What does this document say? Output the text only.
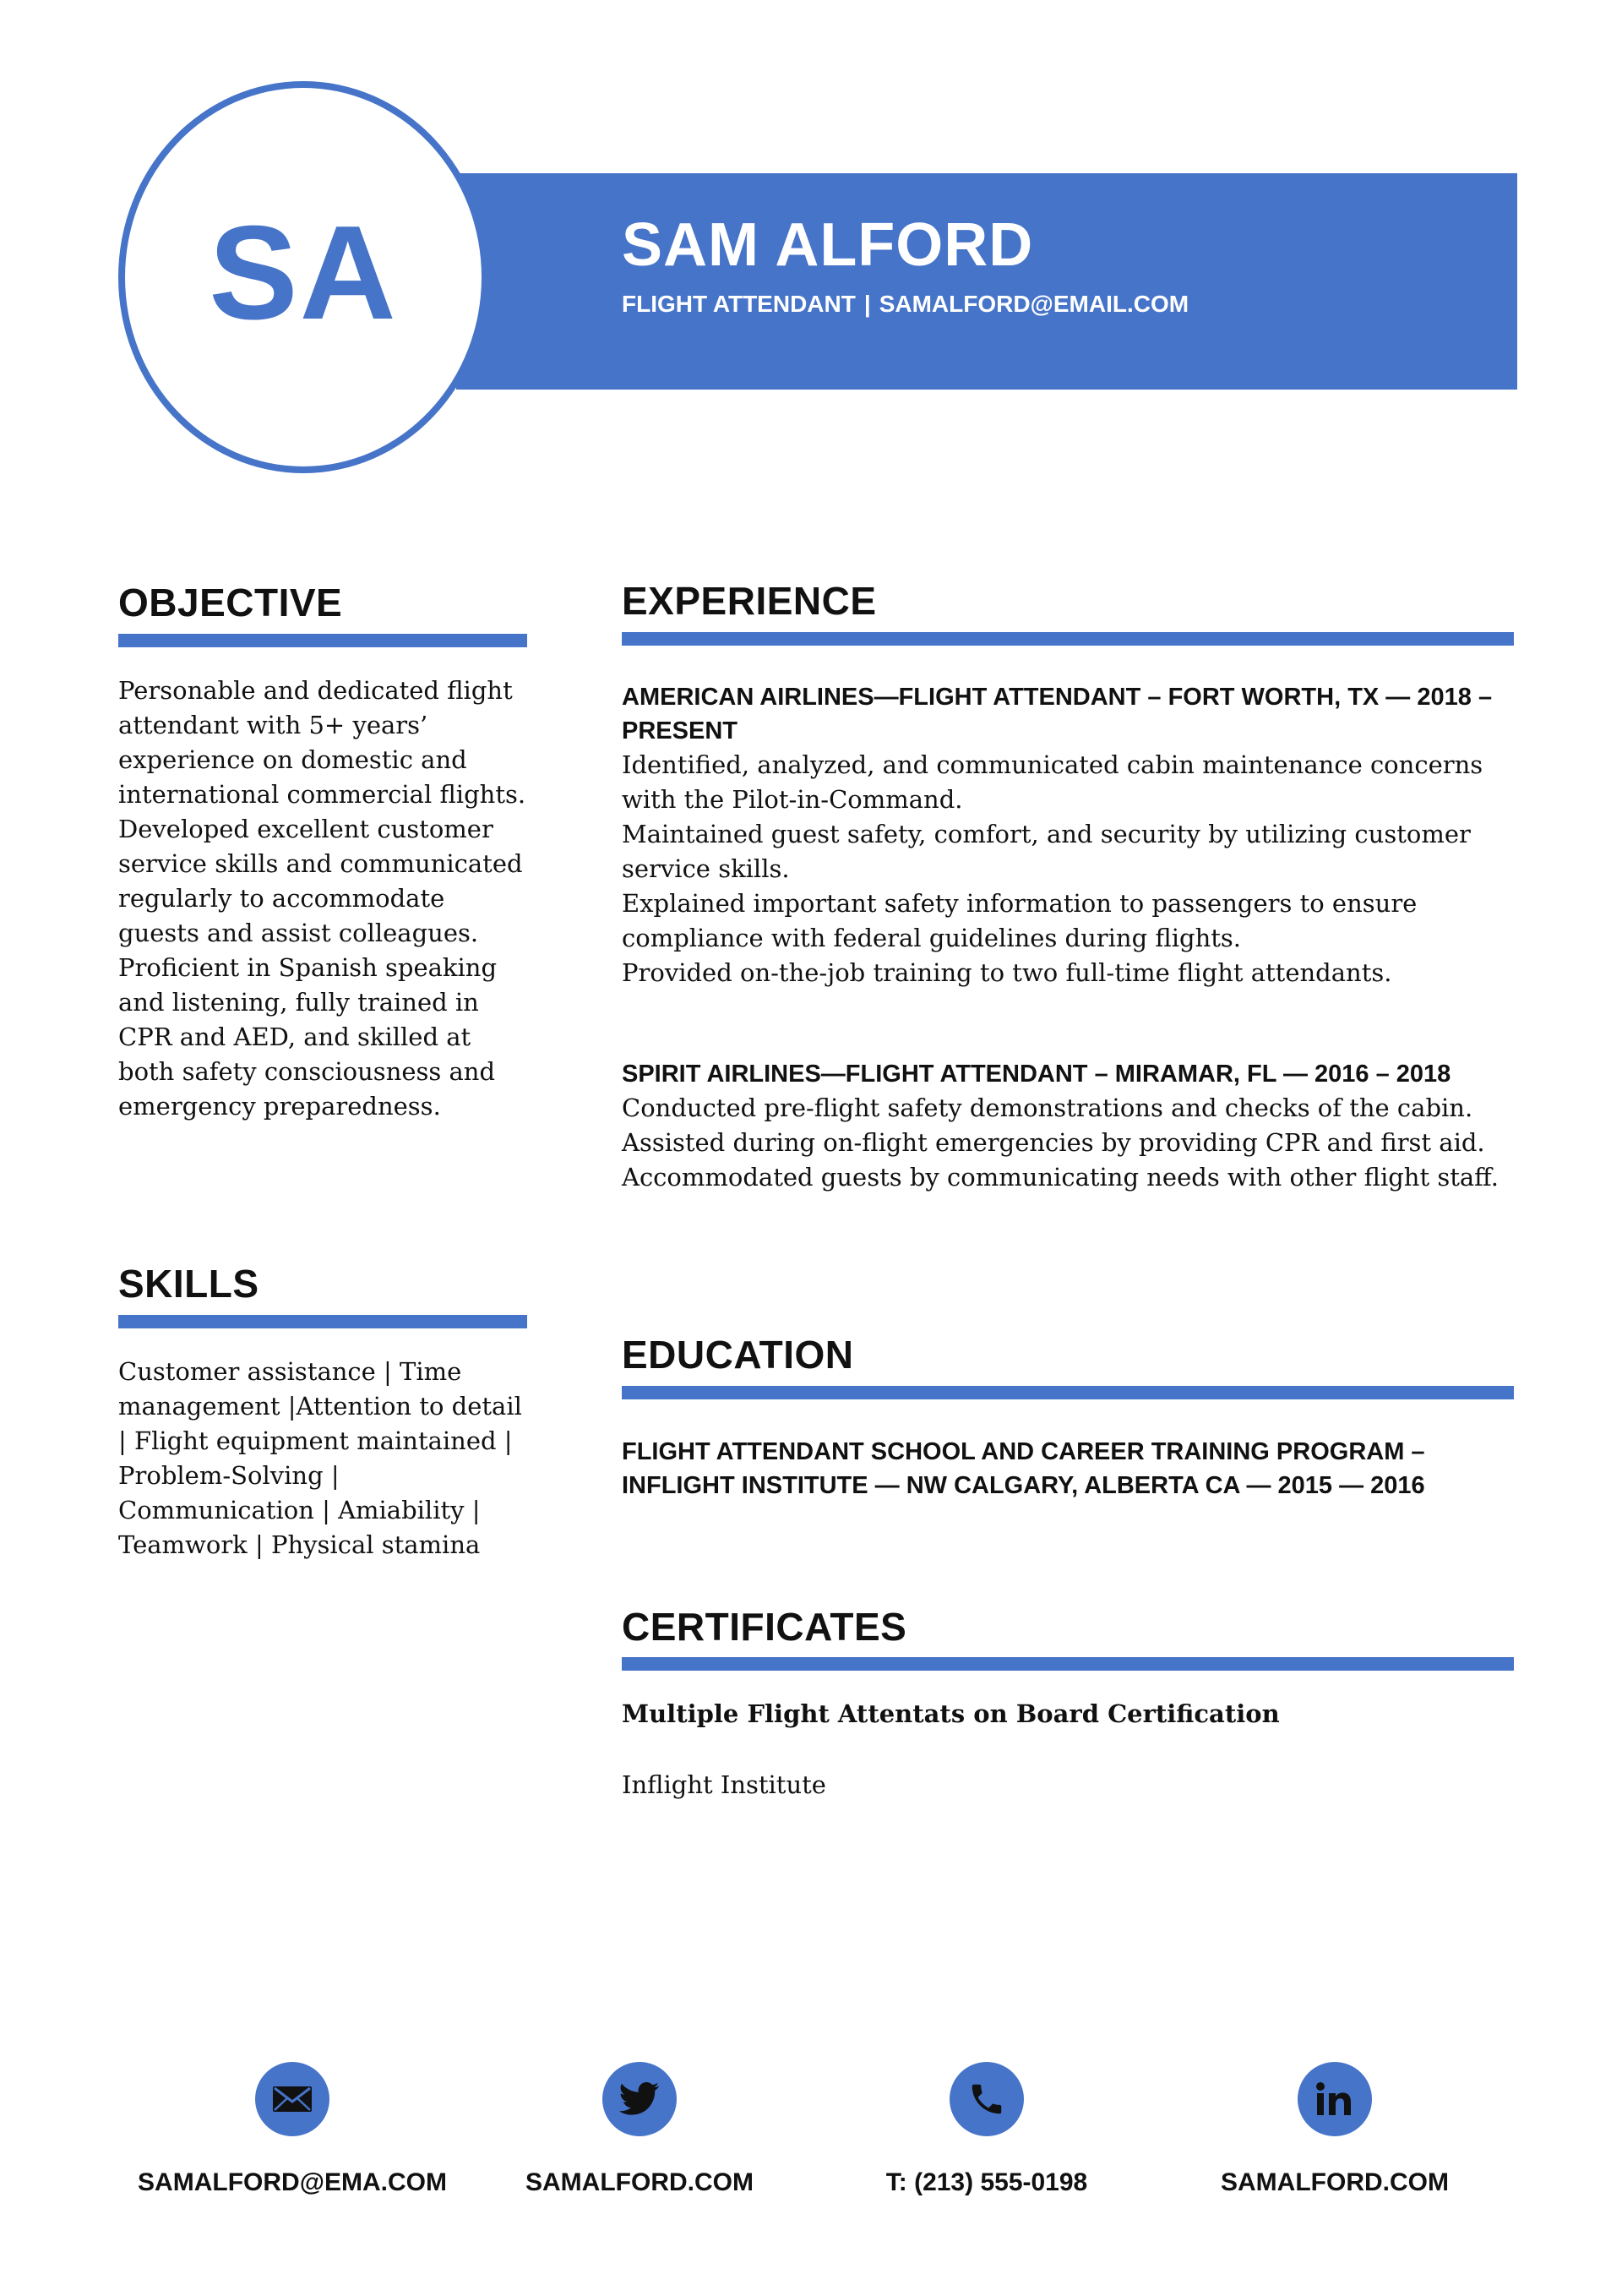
SA	SAM ALFORD
FLIGHT ATTENDANT | SAMALFORD@EMAIL.COM
OBJECTIVE
Personable and dedicated flight attendant with 5+ years’ experience on domestic and international commercial flights. Developed excellent customer service skills and communicated regularly to accommodate guests and assist colleagues. Proficient in Spanish speaking and listening, fully trained in CPR and AED, and skilled at both safety consciousness and emergency preparedness.
SKILLS
Customer assistance | Time management |Attention to detail | Flight equipment maintained | Problem-Solving | Communication | Amiability | Teamwork | Physical stamina
EXPERIENCE
AMERICAN AIRLINES—FLIGHT ATTENDANT – FORT WORTH, TX — 2018 – PRESENT
Identified, analyzed, and communicated cabin maintenance concerns with the Pilot-in-Command.
Maintained guest safety, comfort, and security by utilizing customer service skills.
Explained important safety information to passengers to ensure compliance with federal guidelines during flights.
Provided on-the-job training to two full-time flight attendants.
SPIRIT AIRLINES—FLIGHT ATTENDANT – MIRAMAR, FL — 2016 – 2018
Conducted pre-flight safety demonstrations and checks of the cabin.
Assisted during on-flight emergencies by providing CPR and first aid.
Accommodated guests by communicating needs with other flight staff.
EDUCATION
FLIGHT ATTENDANT SCHOOL AND CAREER TRAINING PROGRAM – INFLIGHT INSTITUTE — NW CALGARY, ALBERTA CA — 2015 — 2016
CERTIFICATES
Multiple Flight Attentats on Board Certification
Inflight Institute
SAMALFORD@EMA.COM	SAMALFORD.COM	T: (213) 555-0198	SAMALFORD.COM
